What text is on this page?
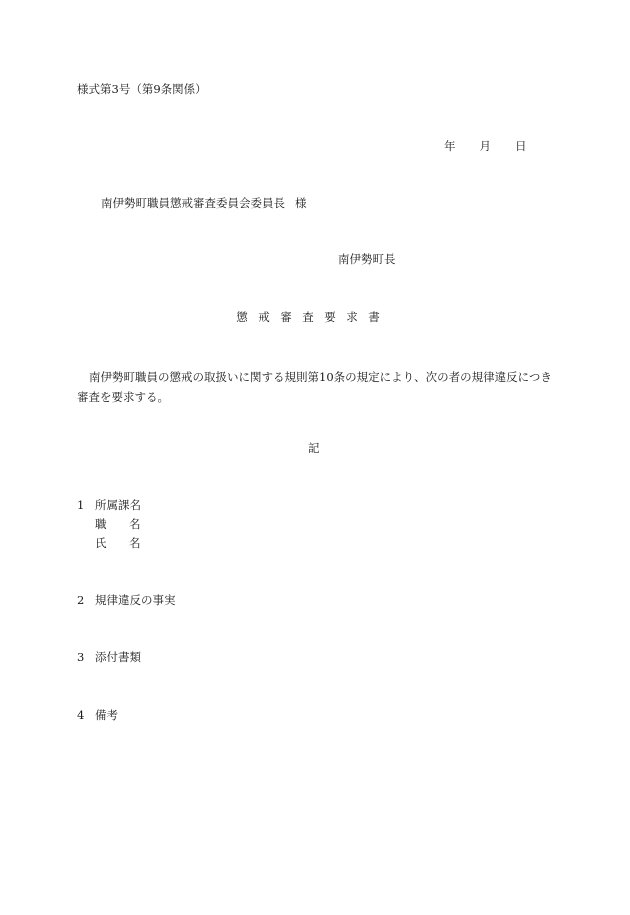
様式第3号（第9条関係）
年 月 日
南伊勢町職員懲戒審査委員会委員長 様
南伊勢町長
懲 戒 審 査 要 求 書
南伊勢町職員の懲戒の取扱いに関する規則第10条の規定により、次の者の規律違反につき審査を要求する。
記
1 所属課名
職 名
氏 名
2 規律違反の事実
3 添付書類
4 備考
